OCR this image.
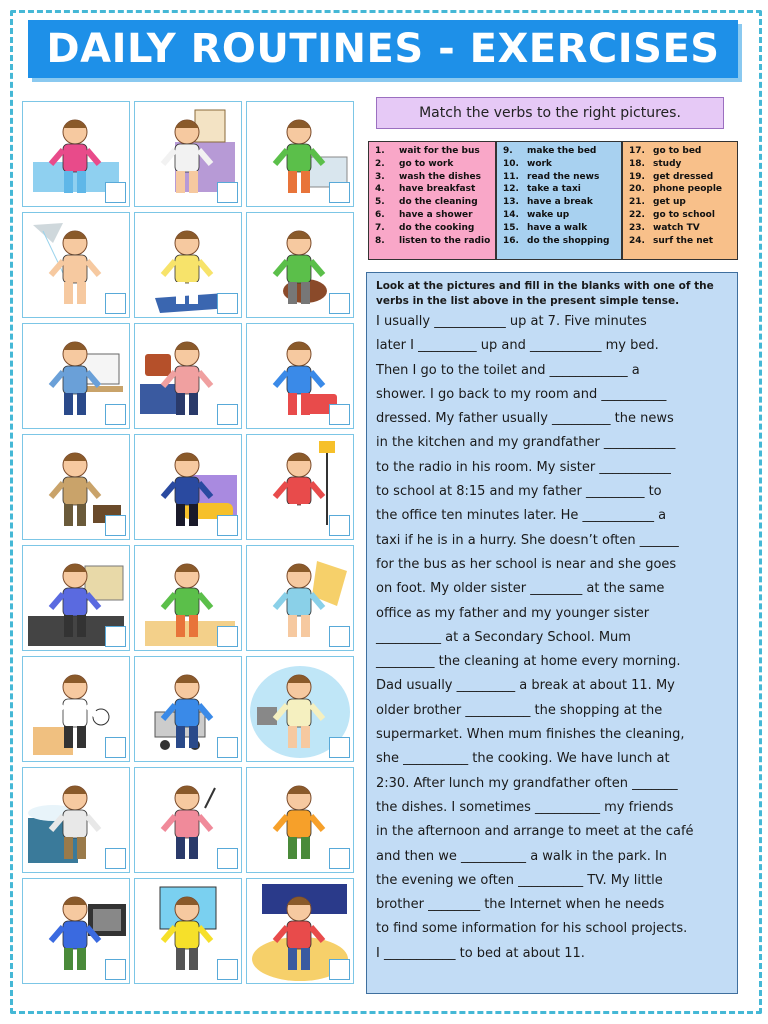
DAILY ROUTINES - EXERCISES
Match the verbs to the right pictures.
1. wait for the bus
2. go to work
3. wash the dishes
4. have breakfast
5. do the cleaning
6. have a shower
7. do the cooking
8. listen to the radio
9. make the bed
10. work
11. read the news
12. take a taxi
13. have a break
14. wake up
15. have a walk
16. do the shopping
17. go to bed
18. study
19. get dressed
20. phone people
21. get up
22. go to school
23. watch TV
24. surf the net
Look at the pictures and fill in the blanks with one of the verbs in the list above in the present simple tense.
I usually ___________ up at 7. Five minutes
later I _________ up and ___________ my bed.
Then I go to the toilet and ____________ a
shower. I go back to my room and __________
dressed. My father usually _________ the news
in the kitchen and my grandfather ___________
to the radio in his room. My sister ___________
to school at 8:15 and my father _________ to
the office ten minutes later. He ___________ a
taxi if he is in a hurry. She doesn’t often ______
for the bus as her school is near and she goes
on foot. My older sister ________ at the same
office as my father and my younger sister
__________ at a Secondary School. Mum
_________ the cleaning at home every morning.
Dad usually _________ a break at about 11. My
older brother __________ the shopping at the
supermarket. When mum finishes the cleaning,
she __________ the cooking. We have lunch at
2:30. After lunch my grandfather often _______
the dishes. I sometimes __________ my friends
in the afternoon and arrange to meet at the café
and then we __________ a walk in the park. In
the evening we often __________ TV. My little
brother ________ the Internet when he needs
to find some information for his school projects.
I ___________ to bed at about 11.
